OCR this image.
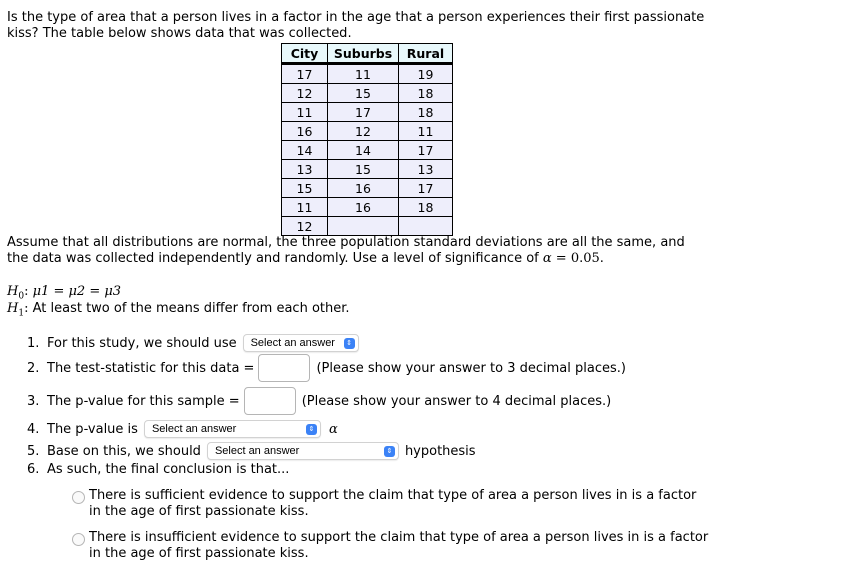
Is the type of area that a person lives in a factor in the age that a person experiences their first passionate kiss? The table below shows data that was collected.
City	Suburbs	Rural
17	11	19
12	15	18
11	17	18
16	12	11
14	14	17
13	15	13
15	16	17
11	16	18
12		
Assume that all distributions are normal, the three population standard deviations are all the same, and the data was collected independently and randomly. Use a level of significance of α = 0.05.
$H_0$: μ1 = μ2 = μ3
$H_1$: At least two of the means differ from each other.
1. For this study, we should use Select an answer	⇕
2. The test-statistic for this data =	(Please show your answer to 3 decimal places.)
3. The p-value for this sample =	(Please show your answer to 4 decimal places.)
4. The p-value is Select an answer	⇕ α
5. Base on this, we should Select an answer	⇕ hypothesis
6. As such, the final conclusion is that...
There is sufficient evidence to support the claim that type of area a person lives in is a factor in the age of first passionate kiss.
There is insufficient evidence to support the claim that type of area a person lives in is a factor in the age of first passionate kiss.
